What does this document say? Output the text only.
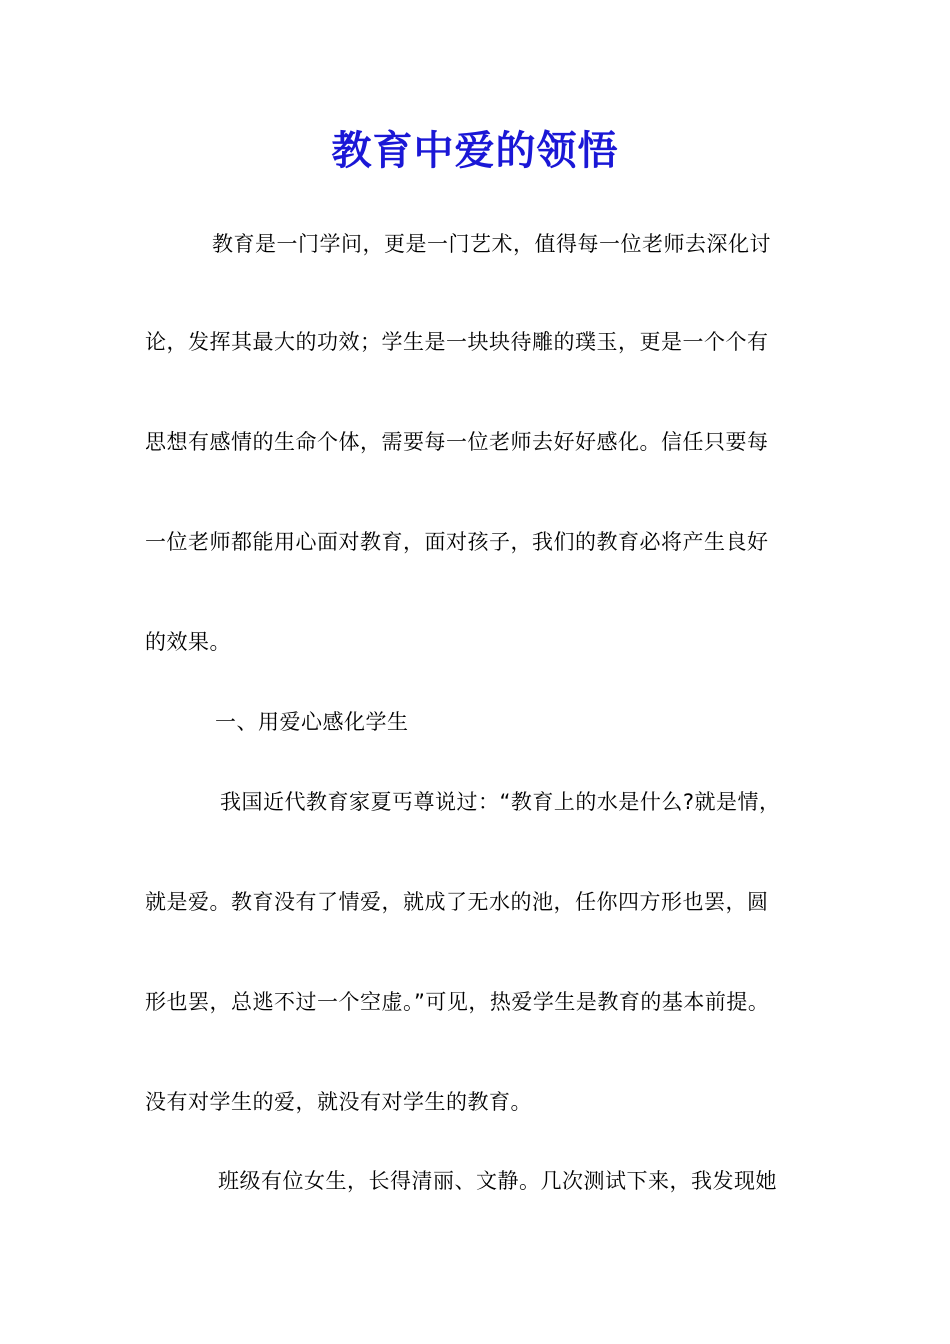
教育中爱的领悟
教育是一门学问，更是一门艺术，值得每一位老师去深化讨
论，发挥其最大的功效；学生是一块块待雕的璞玉，更是一个个有
思想有感情的生命个体，需要每一位老师去好好感化。信任只要每
一位老师都能用心面对教育，面对孩子，我们的教育必将产生良好
的效果。
一、用爱心感化学生
我国近代教育家夏丐尊说过：“教育上的水是什么?就是情，
就是爱。教育没有了情爱，就成了无水的池，任你四方形也罢，圆
形也罢，总逃不过一个空虚。”可见，热爱学生是教育的基本前提。
没有对学生的爱，就没有对学生的教育。
班级有位女生，长得清丽、文静。几次测试下来，我发现她
